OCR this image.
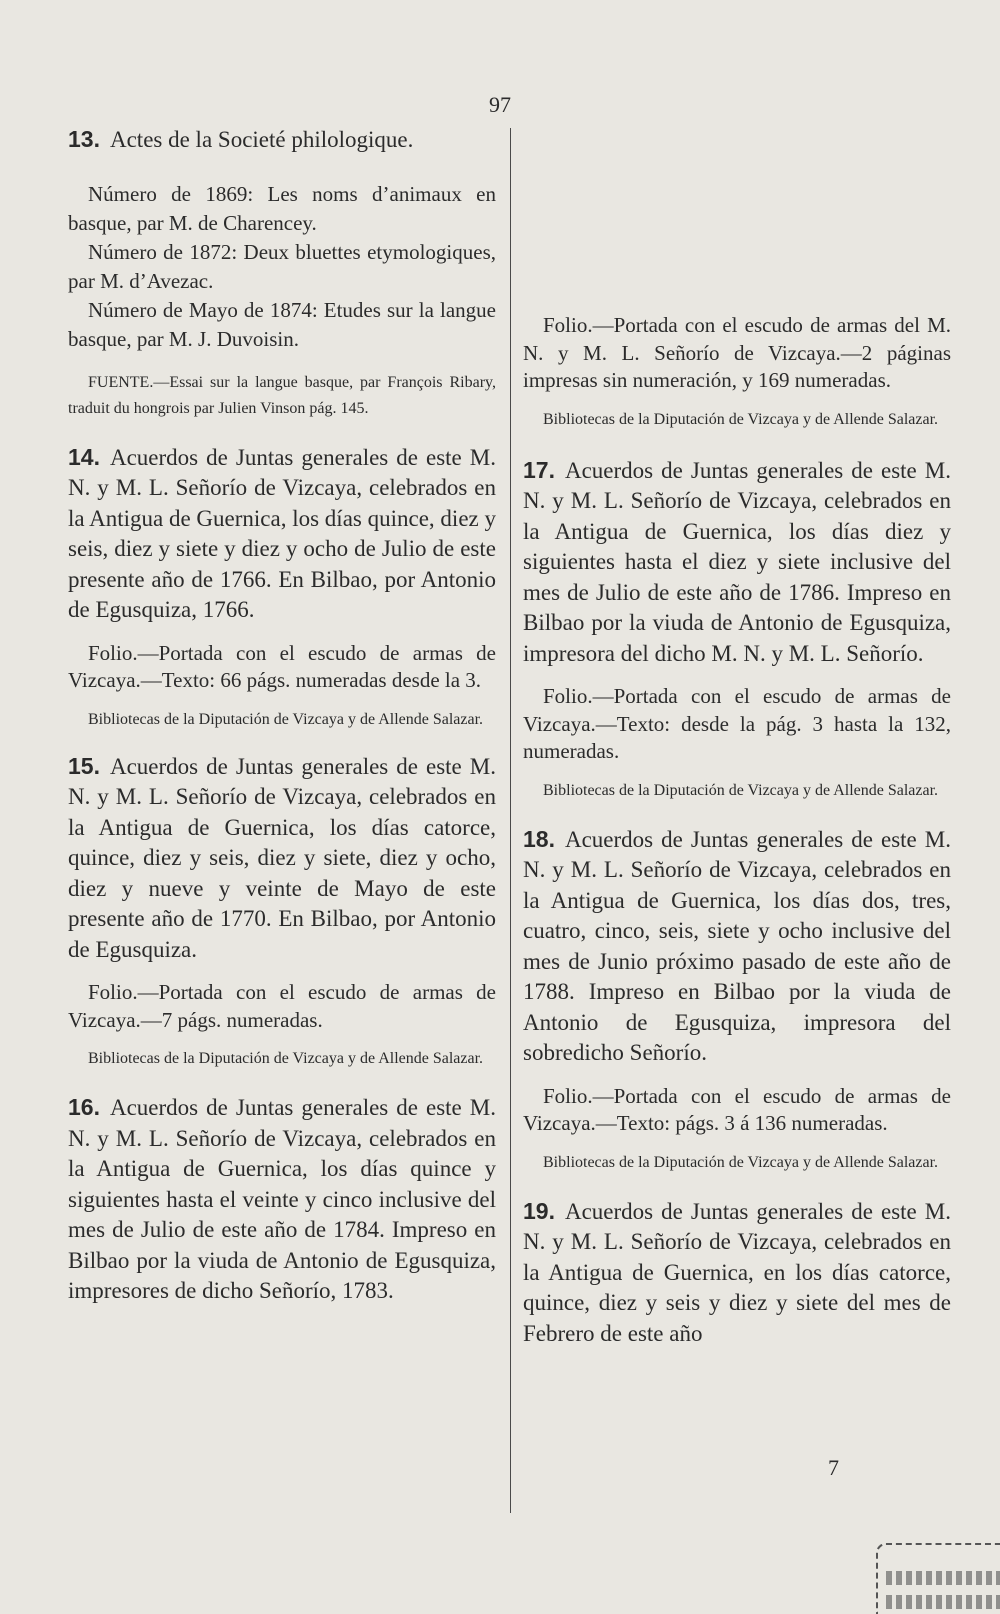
97

13. Actes de la Societé philologique.

Número de 1869: Les noms d’animaux en basque, par M. de Charencey.

Número de 1872: Deux bluettes etymologiques, par M. d’Avezac.

Número de Mayo de 1874: Etudes sur la langue basque, par M. J. Duvoisin.

FUENTE.—Essai sur la langue basque, par François Ribary, traduit du hongrois par Julien Vinson pág. 145.

14. Acuerdos de Juntas generales de este M. N. y M. L. Señorío de Vizcaya, celebrados en la Antigua de Guernica, los días quince, diez y seis, diez y siete y diez y ocho de Julio de este presente año de 1766. En Bilbao, por Antonio de Egusquiza, 1766.

Folio.—Portada con el escudo de armas de Vizcaya.—Texto: 66 págs. numeradas desde la 3.

Bibliotecas de la Diputación de Vizcaya y de Allende Salazar.

15. Acuerdos de Juntas generales de este M. N. y M. L. Señorío de Vizcaya, celebrados en la Antigua de Guernica, los días catorce, quince, diez y seis, diez y siete, diez y ocho, diez y nueve y veinte de Mayo de este presente año de 1770. En Bilbao, por Antonio de Egusquiza.

Folio.—Portada con el escudo de armas de Vizcaya.—7 págs. numeradas.

Bibliotecas de la Diputación de Vizcaya y de Allende Salazar.

16. Acuerdos de Juntas generales de este M. N. y M. L. Señorío de Vizcaya, celebrados en la Antigua de Guernica, los días quince y siguientes hasta el veinte y cinco inclusive del mes de Julio de este año de 1784. Impreso en Bilbao por la viuda de Antonio de Egusquiza, impresores de dicho Señorío, 1783.

Folio.—Portada con el escudo de armas del M. N. y M. L. Señorío de Vizcaya.—2 páginas impresas sin numeración, y 169 numeradas.

Bibliotecas de la Diputación de Vizcaya y de Allende Salazar.

17. Acuerdos de Juntas generales de este M. N. y M. L. Señorío de Vizcaya, celebrados en la Antigua de Guernica, los días diez y siguientes hasta el diez y siete inclusive del mes de Julio de este año de 1786. Impreso en Bilbao por la viuda de Antonio de Egusquiza, impresora del dicho M. N. y M. L. Señorío.

Folio.—Portada con el escudo de armas de Vizcaya.—Texto: desde la pág. 3 hasta la 132, numeradas.

Bibliotecas de la Diputación de Vizcaya y de Allende Salazar.

18. Acuerdos de Juntas generales de este M. N. y M. L. Señorío de Vizcaya, celebrados en la Antigua de Guernica, los días dos, tres, cuatro, cinco, seis, siete y ocho inclusive del mes de Junio próximo pasado de este año de 1788. Impreso en Bilbao por la viuda de Antonio de Egusquiza, impresora del sobredicho Señorío.

Folio.—Portada con el escudo de armas de Vizcaya.—Texto: págs. 3 á 136 numeradas.

Bibliotecas de la Diputación de Vizcaya y de Allende Salazar.

19. Acuerdos de Juntas generales de este M. N. y M. L. Señorío de Vizcaya, celebrados en la Antigua de Guernica, en los días catorce, quince, diez y seis y diez y siete del mes de Febrero de este año

7
